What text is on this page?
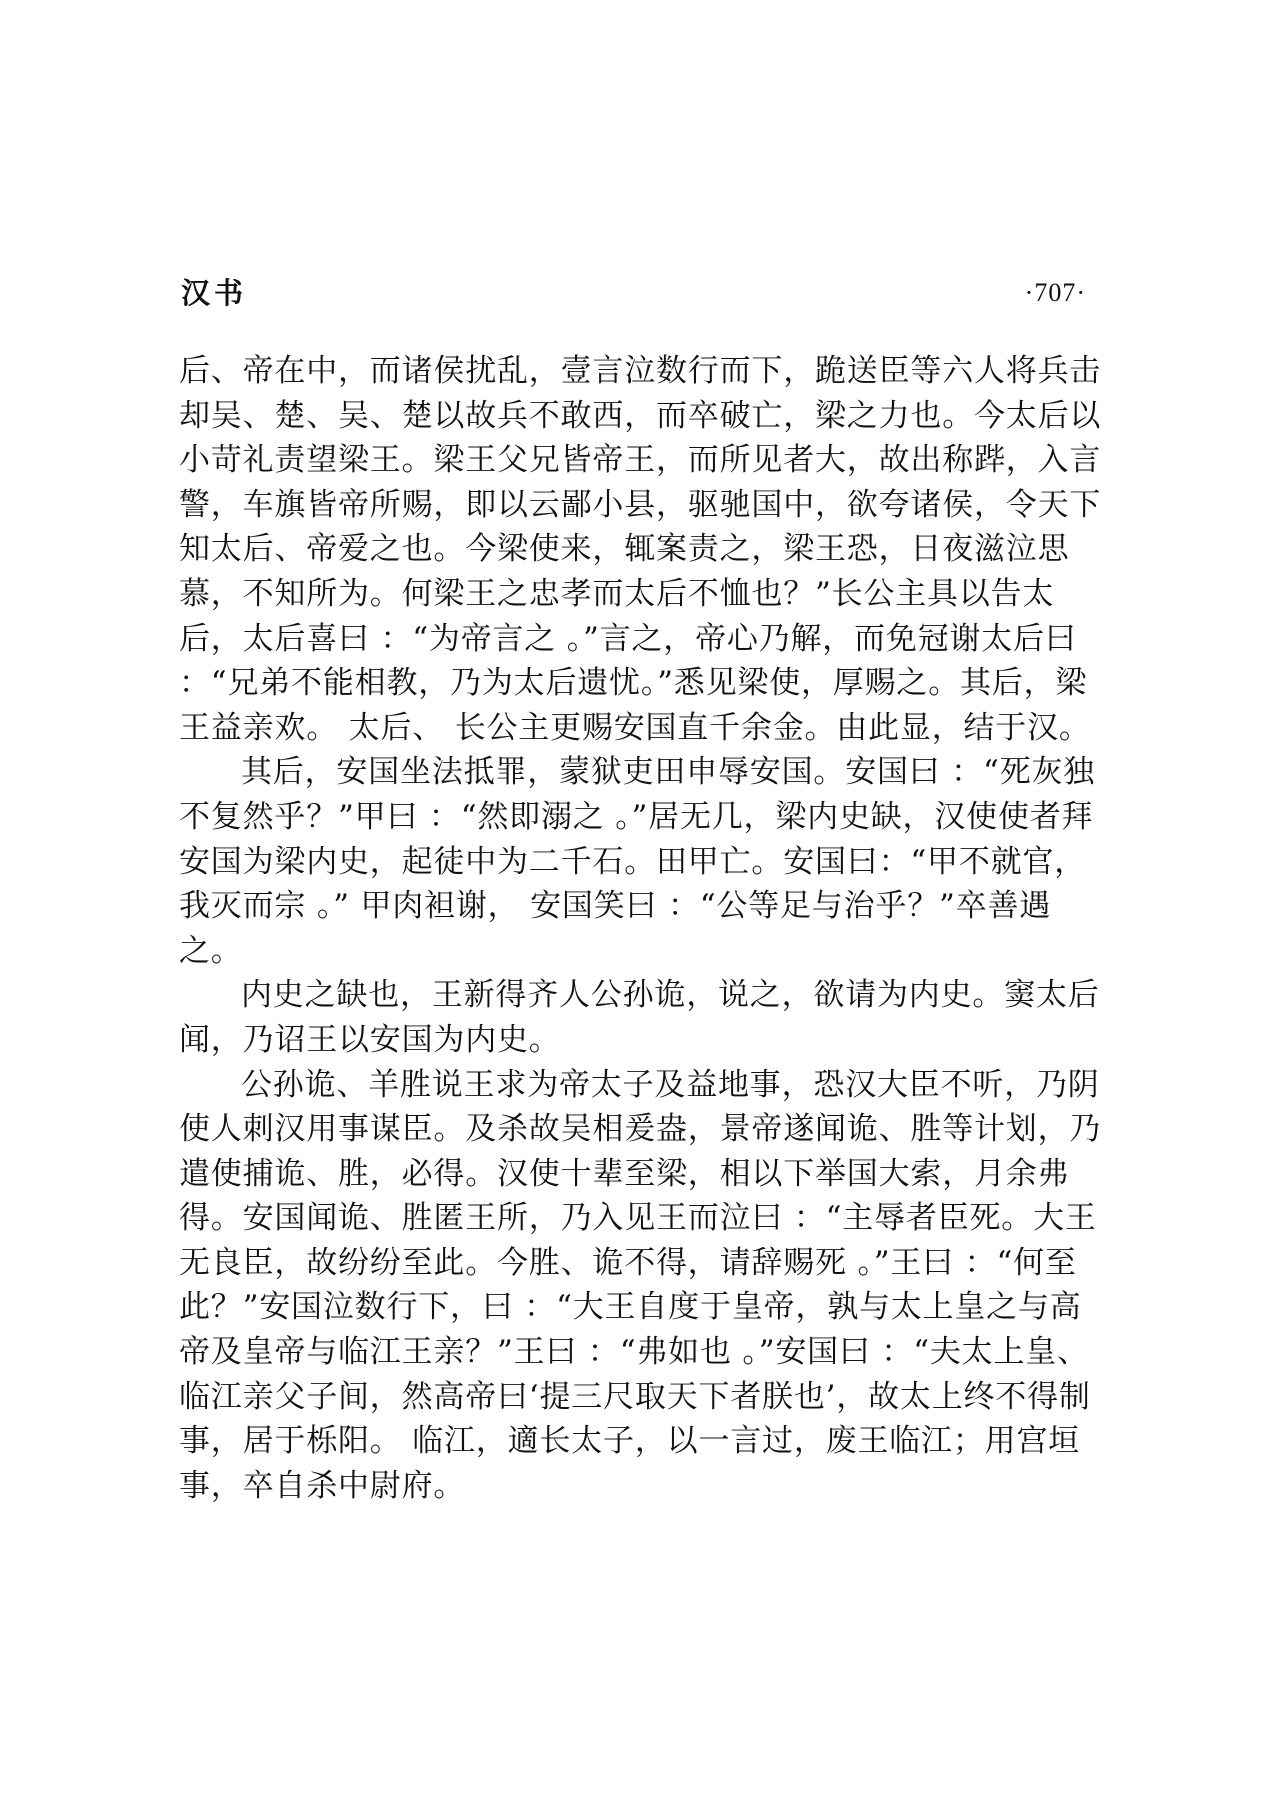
汉书	·707·

后、帝在中，而诸侯扰乱，壹言泣数行而下，跪送臣等六人将兵击却吴、楚、吴、楚以故兵不敢西，而卒破亡，梁之力也。今太后以小苛礼责望梁王。梁王父兄皆帝王，而所见者大，故出称跸，入言警，车旗皆帝所赐，即以云鄙小县，驱驰国中，欲夸诸侯，令天下知太后、帝爱之也。今梁使来，辄案责之，梁王恐，日夜滋泣思慕，不知所为。何梁王之忠孝而太后不恤也？”长公主具以告太后，太后喜曰 ：“为帝言之 。”言之，帝心乃解，而免冠谢太后曰 ：“兄弟不能相教，乃为太后遗忧。”悉见梁使，厚赐之。其后，梁王益亲欢。 太后、 长公主更赐安国直千余金。由此显，结于汉。

其后，安国坐法抵罪，蒙狱吏田申辱安国。安国曰 ：“死灰独不复然乎？”甲曰 ：“然即溺之 。”居无几，梁内史缺，汉使使者拜安国为梁内史，起徒中为二千石。田甲亡。安国曰：“甲不就官，我灭而宗 。” 甲肉袒谢， 安国笑曰 ：“公等足与治乎？”卒善遇之。

内史之缺也，王新得齐人公孙诡，说之，欲请为内史。窦太后闻，乃诏王以安国为内史。

公孙诡、羊胜说王求为帝太子及益地事，恐汉大臣不听，乃阴使人刺汉用事谋臣。及杀故吴相爰盎，景帝遂闻诡、胜等计划，乃遣使捕诡、胜，必得。汉使十辈至梁，相以下举国大索，月余弗得。安国闻诡、胜匿王所，乃入见王而泣曰 ：“主辱者臣死。大王无良臣，故纷纷至此。今胜、诡不得，请辞赐死 。”王曰 ：“何至此？”安国泣数行下，曰 ：“大王自度于皇帝，孰与太上皇之与高帝及皇帝与临江王亲？”王曰 ：“弗如也 。”安国曰 ：“夫太上皇、临江亲父子间，然高帝曰‘提三尺取天下者朕也’，故太上终不得制事，居于栎阳。 临江，適长太子，以一言过，废王临江；用宫垣事，卒自杀中尉府。
